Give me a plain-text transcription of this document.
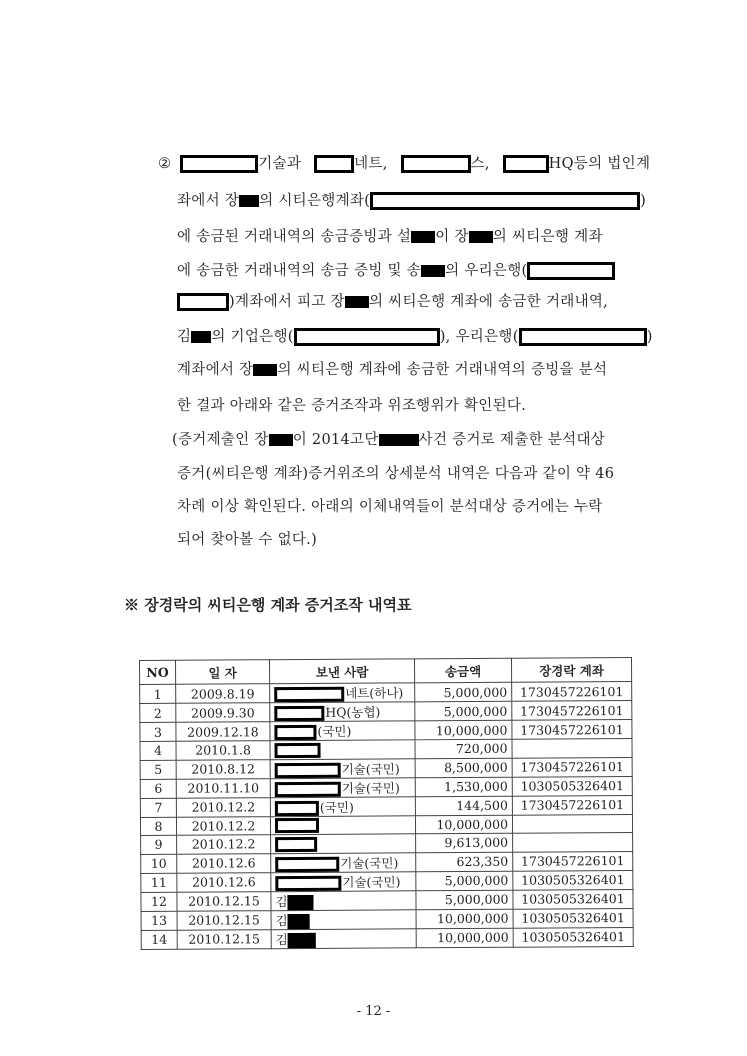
②	기술과	네트,	스,	HQ등의 법인계
좌에서 장 의 시티은행계좌(	)
에 송금된 거래내역의 송금증빙과 설 이 장 의 씨티은행 계좌
에 송금한 거래내역의 송금 증빙 및 송 의 우리은행(
)계좌에서 피고 장 의 씨티은행 계좌에 송금한 거래내역,
김 의 기업은행(	), 우리은행(	)
계좌에서 장 의 씨티은행 계좌에 송금한 거래내역의 증빙을 분석
한 결과 아래와 같은 증거조작과 위조행위가 확인된다.
(증거제출인 장 이 2014고단	사건 증거로 제출한 분석대상
증거(씨티은행 계좌)증거위조의 상세분석 내역은 다음과 같이 약 46
차례 이상 확인된다. 아래의 이체내역들이 분석대상 증거에는 누락
되어 찾아볼 수 없다.)
※ 장경락의 씨티은행 계좌 증거조작 내역표
NO	일 자	보낸 사람	송금액	장경락 계좌
1	2009.8.19	네트(하나)	5,000,000	1730457226101
2	2009.9.30	HQ(농협)	5,000,000	1730457226101
3	2009.12.18	(국민)	10,000,000	1730457226101
4	2010.1.8		720,000	
5	2010.8.12	기술(국민)	8,500,000	1730457226101
6	2010.11.10	기술(국민)	1,530,000	1030505326401
7	2010.12.2	(국민)	144,500	1730457226101
8	2010.12.2		10,000,000	
9	2010.12.2		9,613,000	
10	2010.12.6	기술(국민)	623,350	1730457226101
11	2010.12.6	기술(국민)	5,000,000	1030505326401
12	2010.12.15	김	5,000,000	1030505326401
13	2010.12.15	김	10,000,000	1030505326401
14	2010.12.15	김	10,000,000	1030505326401
- 12 -
